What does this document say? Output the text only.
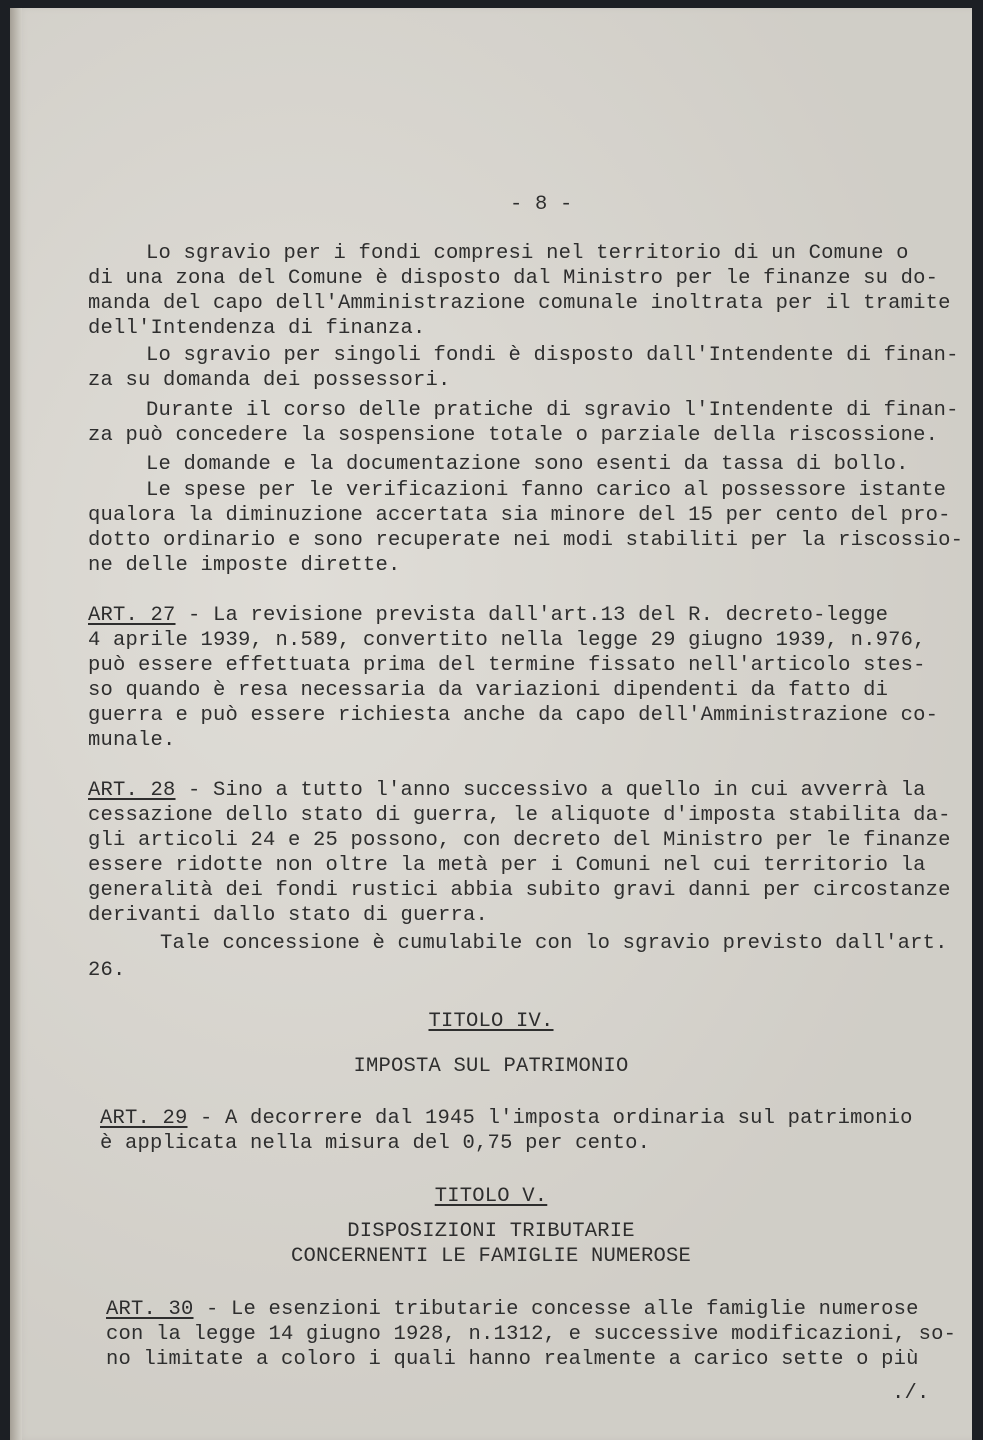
- 8 -

Lo sgravio per i fondi compresi nel territorio di un Comune o

di una zona del Comune è disposto dal Ministro per le finanze su do-

manda del capo dell'Amministrazione comunale inoltrata per il tramite

dell'Intendenza di finanza.

Lo sgravio per singoli fondi è disposto dall'Intendente di finan-

za su domanda dei possessori.

Durante il corso delle pratiche di sgravio l'Intendente di finan-

za può concedere la sospensione totale o parziale della riscossione.

Le domande e la documentazione sono esenti da tassa di bollo.

Le spese per le verificazioni fanno carico al possessore istante

qualora la diminuzione accertata sia minore del 15 per cento del pro-

dotto ordinario e sono recuperate nei modi stabiliti per la riscossio-

ne delle imposte dirette.

ART. 27 - La revisione prevista dall'art.13 del R. decreto-legge

4 aprile 1939, n.589, convertito nella legge 29 giugno 1939, n.976,

può essere effettuata prima del termine fissato nell'articolo stes-

so quando è resa necessaria da variazioni dipendenti da fatto di

guerra e può essere richiesta anche da capo dell'Amministrazione co-

munale.

ART. 28 - Sino a tutto l'anno successivo a quello in cui avverrà la

cessazione dello stato di guerra, le aliquote d'imposta stabilita da-

gli articoli 24 e 25 possono, con decreto del Ministro per le finanze

essere ridotte non oltre la metà per i Comuni nel cui territorio la

generalità dei fondi rustici abbia subito gravi danni per circostanze

derivanti dallo stato di guerra.

Tale concessione è cumulabile con lo sgravio previsto dall'art.

26.

TITOLO IV.

IMPOSTA SUL PATRIMONIO

ART. 29 - A decorrere dal 1945 l'imposta ordinaria sul patrimonio

è applicata nella misura del 0,75 per cento.

TITOLO V.

DISPOSIZIONI TRIBUTARIE

CONCERNENTI LE FAMIGLIE NUMEROSE

ART. 30 - Le esenzioni tributarie concesse alle famiglie numerose

con la legge 14 giugno 1928, n.1312, e successive modificazioni, so-

no limitate a coloro i quali hanno realmente a carico sette o più

./.
